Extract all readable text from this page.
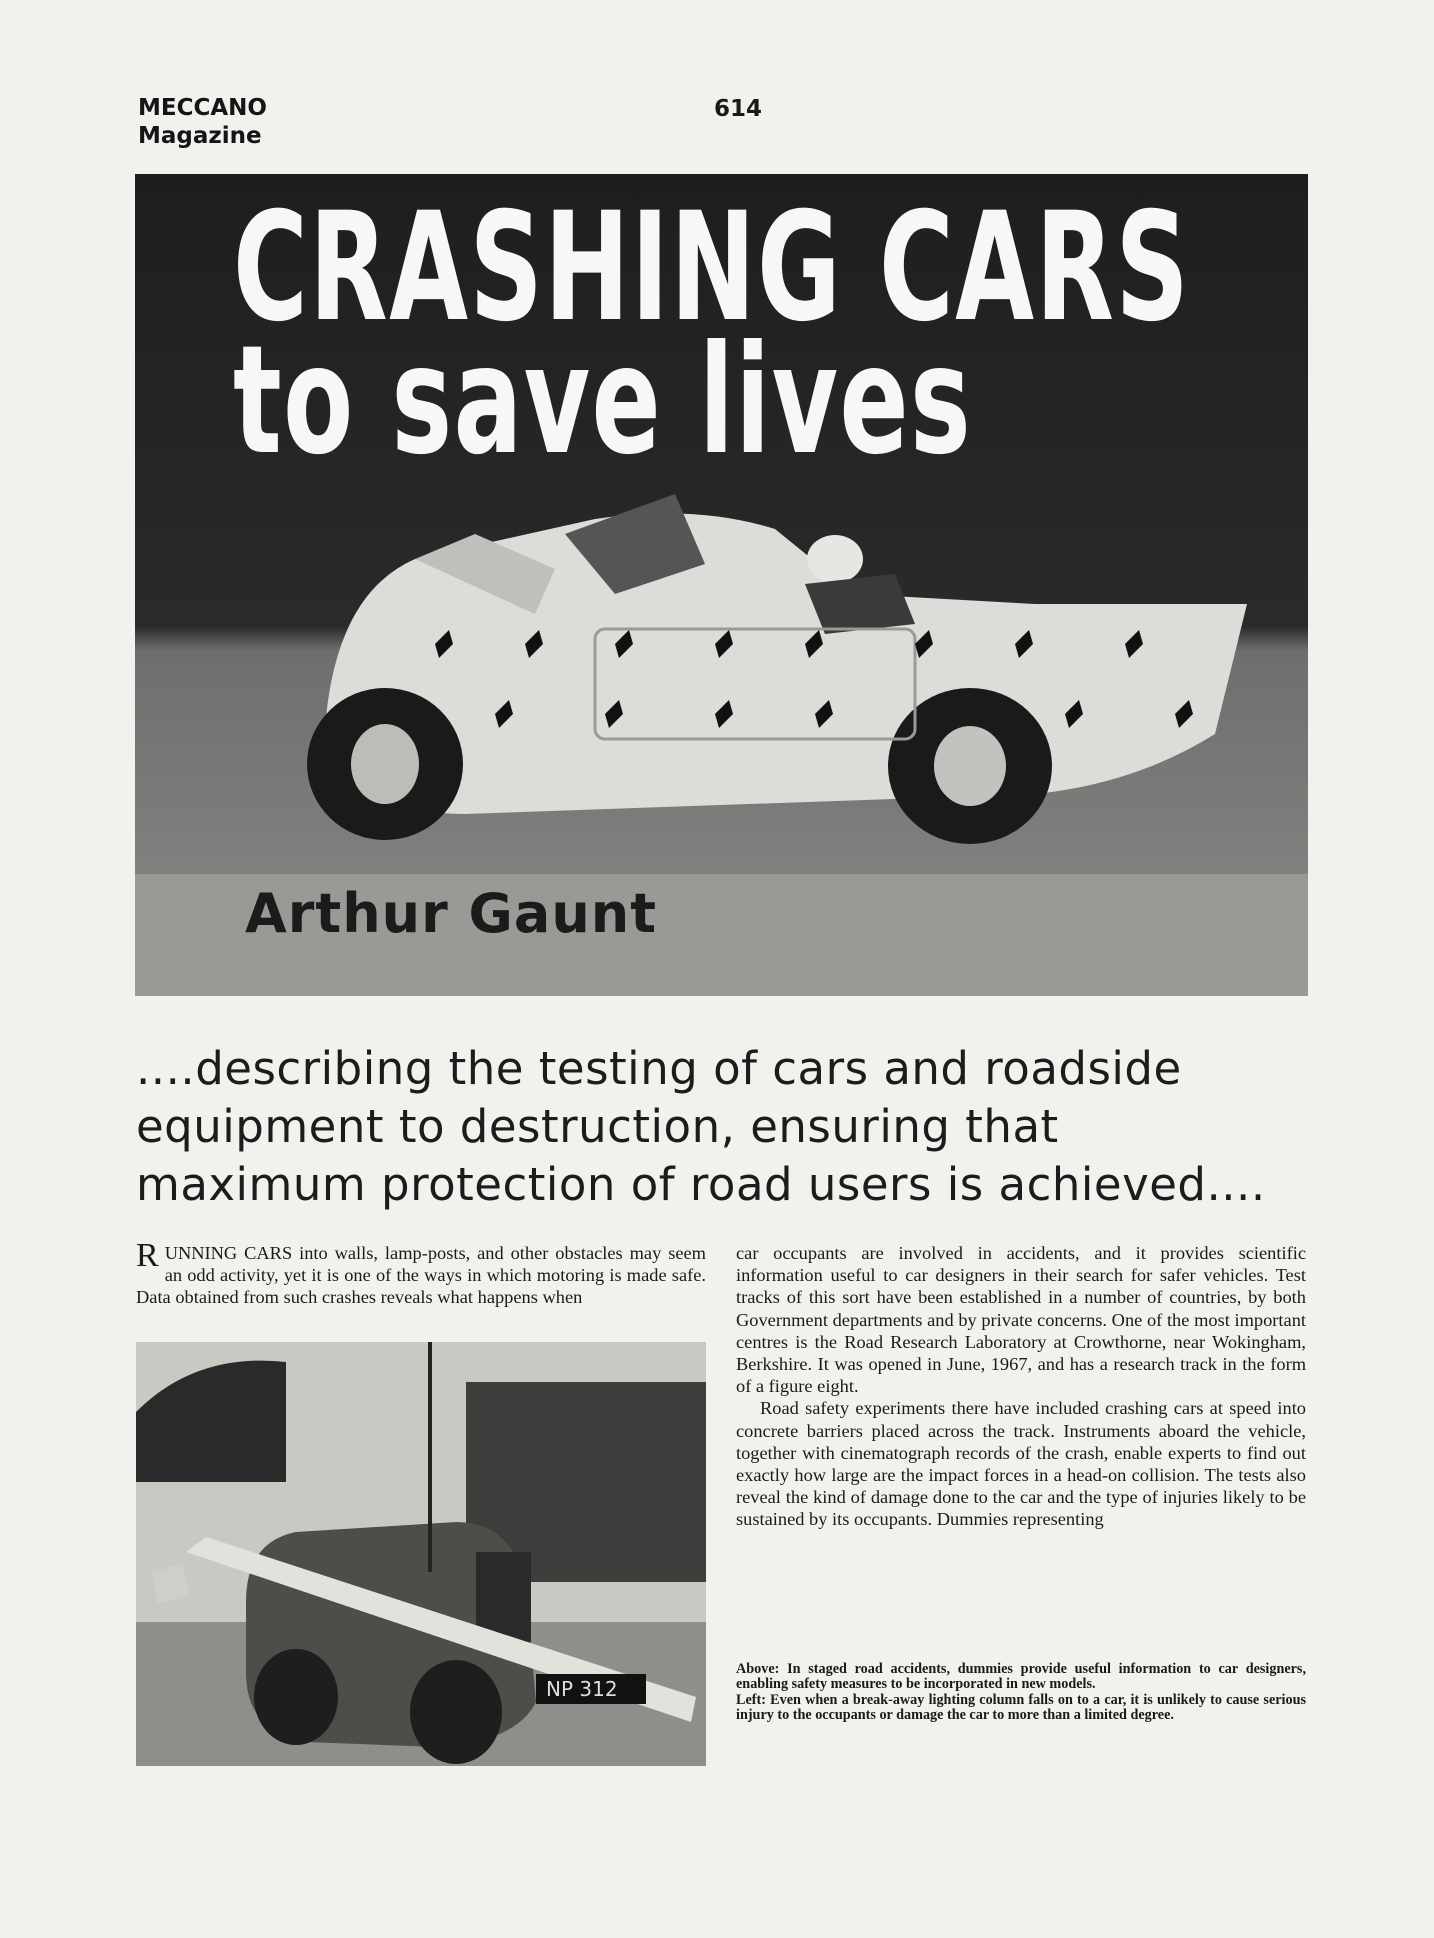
MECCANO
Magazine
614
CRASHING CARS
to save lives
Arthur Gaunt
....describing the testing of cars and roadside equipment to destruction, ensuring that maximum protection of road users is achieved....

RUNNING CARS into walls, lamp-posts, and other obstacles may seem an odd activity, yet it is one of the ways in which motoring is made safe. Data obtained from such crashes reveals what happens when

NP 312

car occupants are involved in accidents, and it provides scientific information useful to car designers in their search for safer vehicles. Test tracks of this sort have been established in a number of countries, by both Government departments and by private concerns. One of the most important centres is the Road Research Laboratory at Crowthorne, near Wokingham, Berkshire. It was opened in June, 1967, and has a research track in the form of a figure eight.

Road safety experiments there have included crashing cars at speed into concrete barriers placed across the track. Instruments aboard the vehicle, together with cinematograph records of the crash, enable experts to find out exactly how large are the impact forces in a head-on collision. The tests also reveal the kind of damage done to the car and the type of injuries likely to be sustained by its occupants. Dummies representing

Above: In staged road accidents, dummies provide useful information to car designers, enabling safety measures to be incorporated in new models.

Left: Even when a break-away lighting column falls on to a car, it is unlikely to cause serious injury to the occupants or damage the car to more than a limited degree.
